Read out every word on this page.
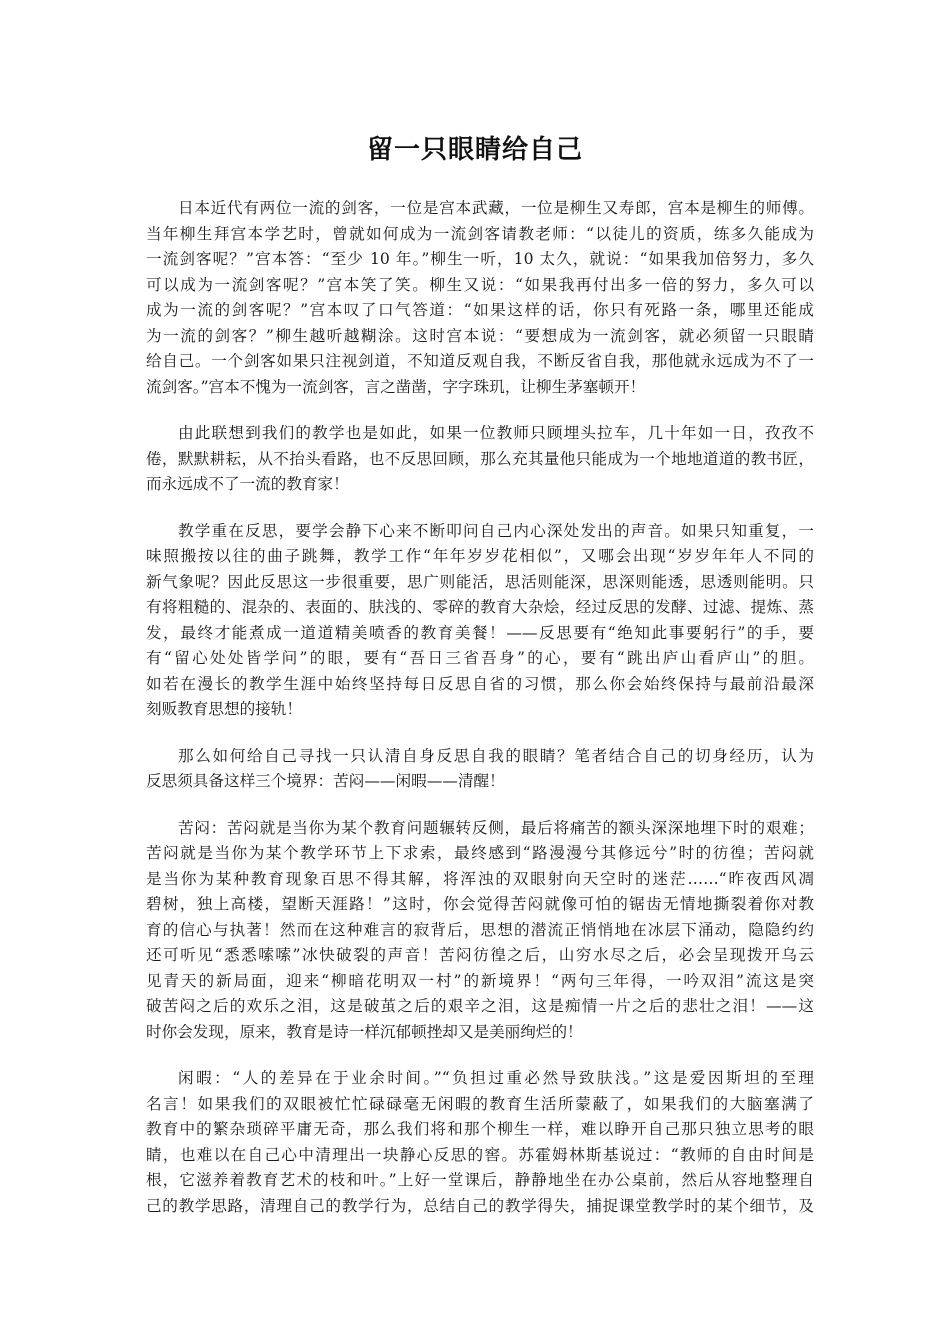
留一只眼睛给自己
日本近代有两位一流的剑客，一位是宫本武藏，一位是柳生又寿郎，宫本是柳生的师傅。
当年柳生拜宫本学艺时，曾就如何成为一流剑客请教老师：“以徒儿的资质，练多久能成为
一流剑客呢？”宫本答：“至少 10 年。”柳生一听，10 太久，就说：“如果我加倍努力，多久
可以成为一流剑客呢？”宫本笑了笑。柳生又说：“如果我再付出多一倍的努力，多久可以
成为一流的剑客呢？”宫本叹了口气答道：“如果这样的话，你只有死路一条，哪里还能成
为一流的剑客？”柳生越听越糊涂。这时宫本说：“要想成为一流剑客，就必须留一只眼睛
给自己。一个剑客如果只注视剑道，不知道反观自我，不断反省自我，那他就永远成为不了一
流剑客。”宫本不愧为一流剑客，言之凿凿，字字珠玑，让柳生茅塞顿开！
由此联想到我们的教学也是如此，如果一位教师只顾埋头拉车，几十年如一日，孜孜不
倦，默默耕耘，从不抬头看路，也不反思回顾，那么充其量他只能成为一个地地道道的教书匠，
而永远成不了一流的教育家！
教学重在反思，要学会静下心来不断叩问自己内心深处发出的声音。如果只知重复，一
味照搬按以往的曲子跳舞，教学工作“年年岁岁花相似”，又哪会出现“岁岁年年人不同的
新气象呢？因此反思这一步很重要，思广则能活，思活则能深，思深则能透，思透则能明。只
有将粗糙的、混杂的、表面的、肤浅的、零碎的教育大杂烩，经过反思的发酵、过滤、提炼、蒸
发，最终才能煮成一道道精美喷香的教育美餐！——反思要有“绝知此事要躬行”的手，要
有“留心处处皆学问”的眼，要有“吾日三省吾身”的心，要有“跳出庐山看庐山”的胆。
如若在漫长的教学生涯中始终坚持每日反思自省的习惯，那么你会始终保持与最前沿最深
刻贩教育思想的接轨！
那么如何给自己寻找一只认清自身反思自我的眼睛？笔者结合自己的切身经历，认为
反思须具备这样三个境界：苦闷——闲暇——清醒！
苦闷：苦闷就是当你为某个教育问题辗转反侧，最后将痛苦的额头深深地埋下时的艰难；
苦闷就是当你为某个教学环节上下求索，最终感到“路漫漫兮其修远兮”时的彷徨；苦闷就
是当你为某种教育现象百思不得其解，将浑浊的双眼射向天空时的迷茫……“昨夜西风凋
碧树，独上高楼，望断天涯路！”这时，你会觉得苦闷就像可怕的锯齿无情地撕裂着你对教
育的信心与执著！然而在这种难言的寂背后，思想的潜流正悄悄地在冰层下涌动，隐隐约约
还可听见“悉悉嗦嗦”冰快破裂的声音！苦闷彷徨之后，山穷水尽之后，必会呈现拨开乌云
见青天的新局面，迎来“柳暗花明双一村”的新境界！“两句三年得，一吟双泪”流这是突
破苦闷之后的欢乐之泪，这是破茧之后的艰辛之泪，这是痴情一片之后的悲壮之泪！——这
时你会发现，原来，教育是诗一样沉郁顿挫却又是美丽绚烂的！
闲暇：“人的差异在于业余时间。”“负担过重必然导致肤浅。”这是爱因斯坦的至理
名言！如果我们的双眼被忙忙碌碌毫无闲暇的教育生活所蒙蔽了，如果我们的大脑塞满了
教育中的繁杂琐碎平庸无奇，那么我们将和那个柳生一样，难以睁开自己那只独立思考的眼
睛，也难以在自己心中清理出一块静心反思的窖。苏霍姆林斯基说过：“教师的自由时间是
根，它滋养着教育艺术的枝和叶。”上好一堂课后，静静地坐在办公桌前，然后从容地整理自
己的教学思路，清理自己的教学行为，总结自己的教学得失，捕捉课堂教学时的某个细节，及
